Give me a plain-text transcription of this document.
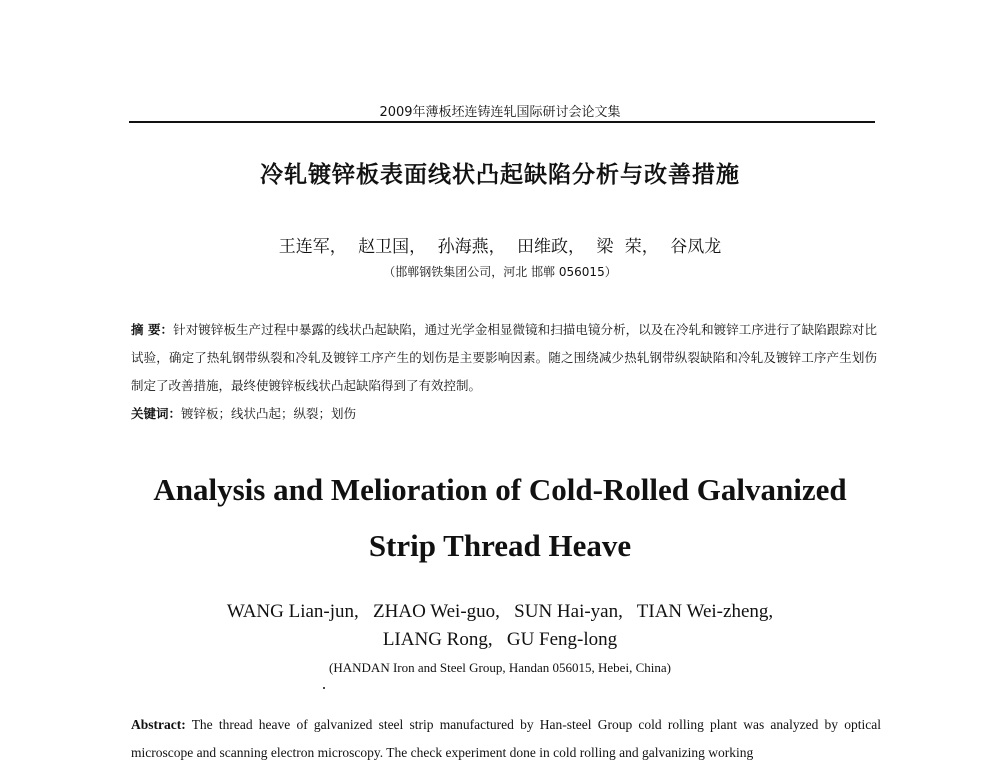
2009年薄板坯连铸连轧国际研讨会论文集
冷轧镀锌板表面线状凸起缺陷分析与改善措施
王连军， 赵卫国， 孙海燕， 田维政， 梁 荣， 谷凤龙
（邯郸钢铁集团公司，河北 邯郸 056015）
摘 要：针对镀锌板生产过程中暴露的线状凸起缺陷，通过光学金相显微镜和扫描电镜分析，以及在冷轧和镀锌工序进行了缺陷跟踪对比试验，确定了热轧钢带纵裂和冷轧及镀锌工序产生的划伤是主要影响因素。随之围绕减少热轧钢带纵裂缺陷和冷轧及镀锌工序产生划伤制定了改善措施，最终使镀锌板线状凸起缺陷得到了有效控制。
关键词：镀锌板；线状凸起；纵裂；划伤
Analysis and Melioration of Cold-Rolled Galvanized
Strip Thread Heave
WANG Lian-jun,   ZHAO Wei-guo,   SUN Hai-yan,   TIAN Wei-zheng,
LIANG Rong,   GU Feng-long
(HANDAN Iron and Steel Group, Handan 056015, Hebei, China)
Abstract: The thread heave of galvanized steel strip manufactured by Han-steel Group cold rolling plant was analyzed by optical microscope and scanning electron microscopy. The check experiment done in cold rolling and galvanizing working
